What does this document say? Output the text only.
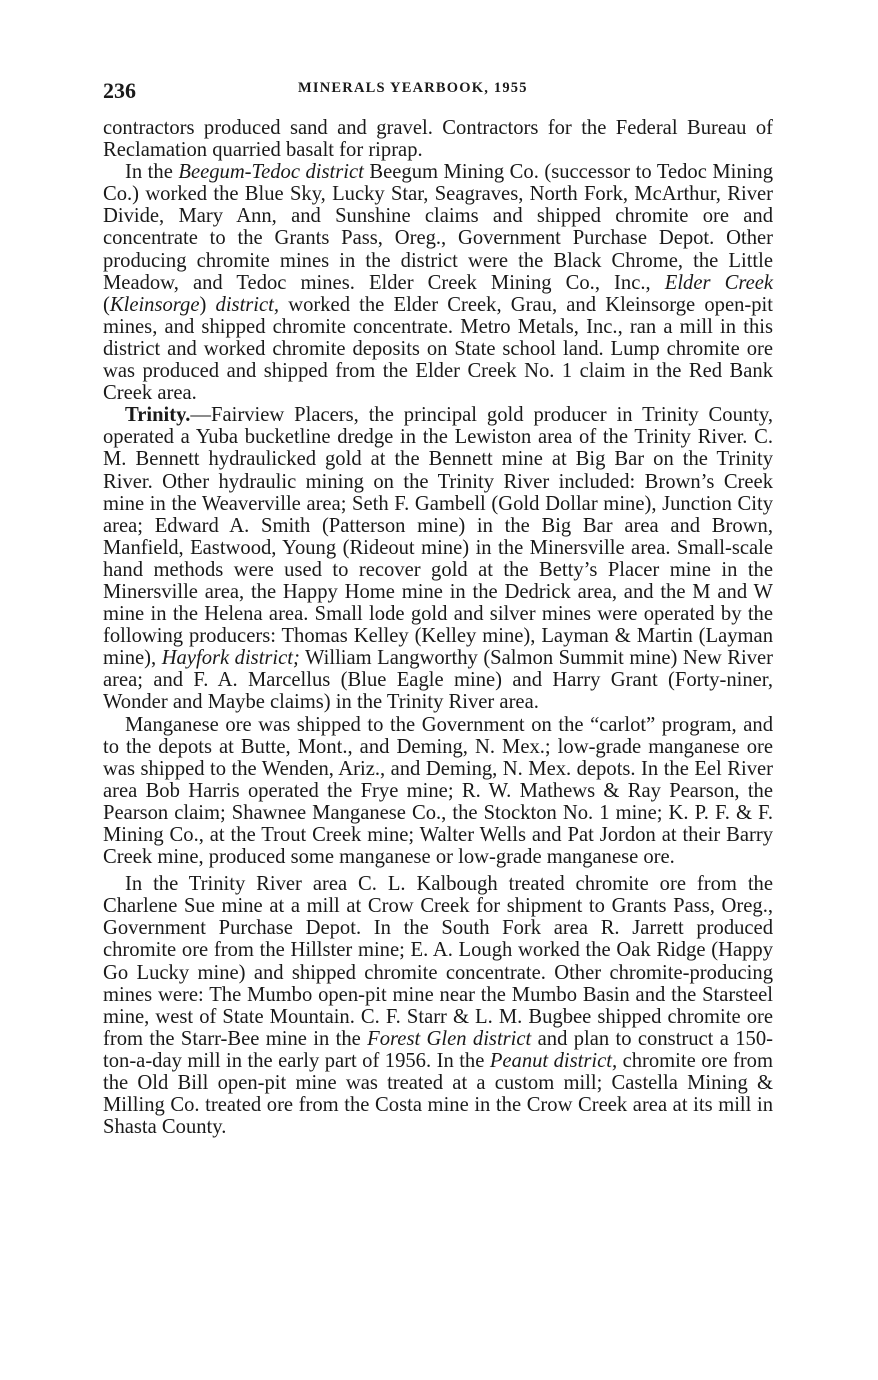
236	MINERALS YEARBOOK, 1955

contractors produced sand and gravel. Contractors for the Federal Bureau of Reclamation quarried basalt for riprap.

In the Beegum-Tedoc district Beegum Mining Co. (successor to Tedoc Mining Co.) worked the Blue Sky, Lucky Star, Seagraves, North Fork, McArthur, River Divide, Mary Ann, and Sunshine claims and shipped chromite ore and concentrate to the Grants Pass, Oreg., Government Purchase Depot. Other producing chromite mines in the district were the Black Chrome, the Little Meadow, and Tedoc mines. Elder Creek Mining Co., Inc., Elder Creek (Kleinsorge) district, worked the Elder Creek, Grau, and Kleinsorge open-pit mines, and shipped chromite concentrate. Metro Metals, Inc., ran a mill in this district and worked chromite deposits on State school land. Lump chromite ore was produced and shipped from the Elder Creek No. 1 claim in the Red Bank Creek area.

Trinity.—Fairview Placers, the principal gold producer in Trinity County, operated a Yuba bucketline dredge in the Lewiston area of the Trinity River. C. M. Bennett hydraulicked gold at the Bennett mine at Big Bar on the Trinity River. Other hydraulic mining on the Trinity River included: Brown’s Creek mine in the Weaverville area; Seth F. Gambell (Gold Dollar mine), Junction City area; Edward A. Smith (Patterson mine) in the Big Bar area and Brown, Manfield, Eastwood, Young (Rideout mine) in the Minersville area. Small-scale hand methods were used to recover gold at the Betty’s Placer mine in the Minersville area, the Happy Home mine in the Dedrick area, and the M and W mine in the Helena area. Small lode gold and silver mines were operated by the following producers: Thomas Kelley (Kelley mine), Layman & Martin (Layman mine), Hayfork district; William Langworthy (Salmon Summit mine) New River area; and F. A. Marcellus (Blue Eagle mine) and Harry Grant (Forty-niner, Wonder and Maybe claims) in the Trinity River area.

Manganese ore was shipped to the Government on the “carlot” program, and to the depots at Butte, Mont., and Deming, N. Mex.; low-grade manganese ore was shipped to the Wenden, Ariz., and Deming, N. Mex. depots. In the Eel River area Bob Harris operated the Frye mine; R. W. Mathews & Ray Pearson, the Pearson claim; Shawnee Manganese Co., the Stockton No. 1 mine; K. P. F. & F. Mining Co., at the Trout Creek mine; Walter Wells and Pat Jordon at their Barry Creek mine, produced some manganese or low-grade manganese ore.

In the Trinity River area C. L. Kalbough treated chromite ore from the Charlene Sue mine at a mill at Crow Creek for shipment to Grants Pass, Oreg., Government Purchase Depot. In the South Fork area R. Jarrett produced chromite ore from the Hillster mine; E. A. Lough worked the Oak Ridge (Happy Go Lucky mine) and shipped chromite concentrate. Other chromite-producing mines were: The Mumbo open-pit mine near the Mumbo Basin and the Starsteel mine, west of State Mountain. C. F. Starr & L. M. Bugbee shipped chromite ore from the Starr-Bee mine in the Forest Glen district and plan to construct a 150-ton-a-day mill in the early part of 1956. In the Peanut district, chromite ore from the Old Bill open-pit mine was treated at a custom mill; Castella Mining & Milling Co. treated ore from the Costa mine in the Crow Creek area at its mill in Shasta County.
